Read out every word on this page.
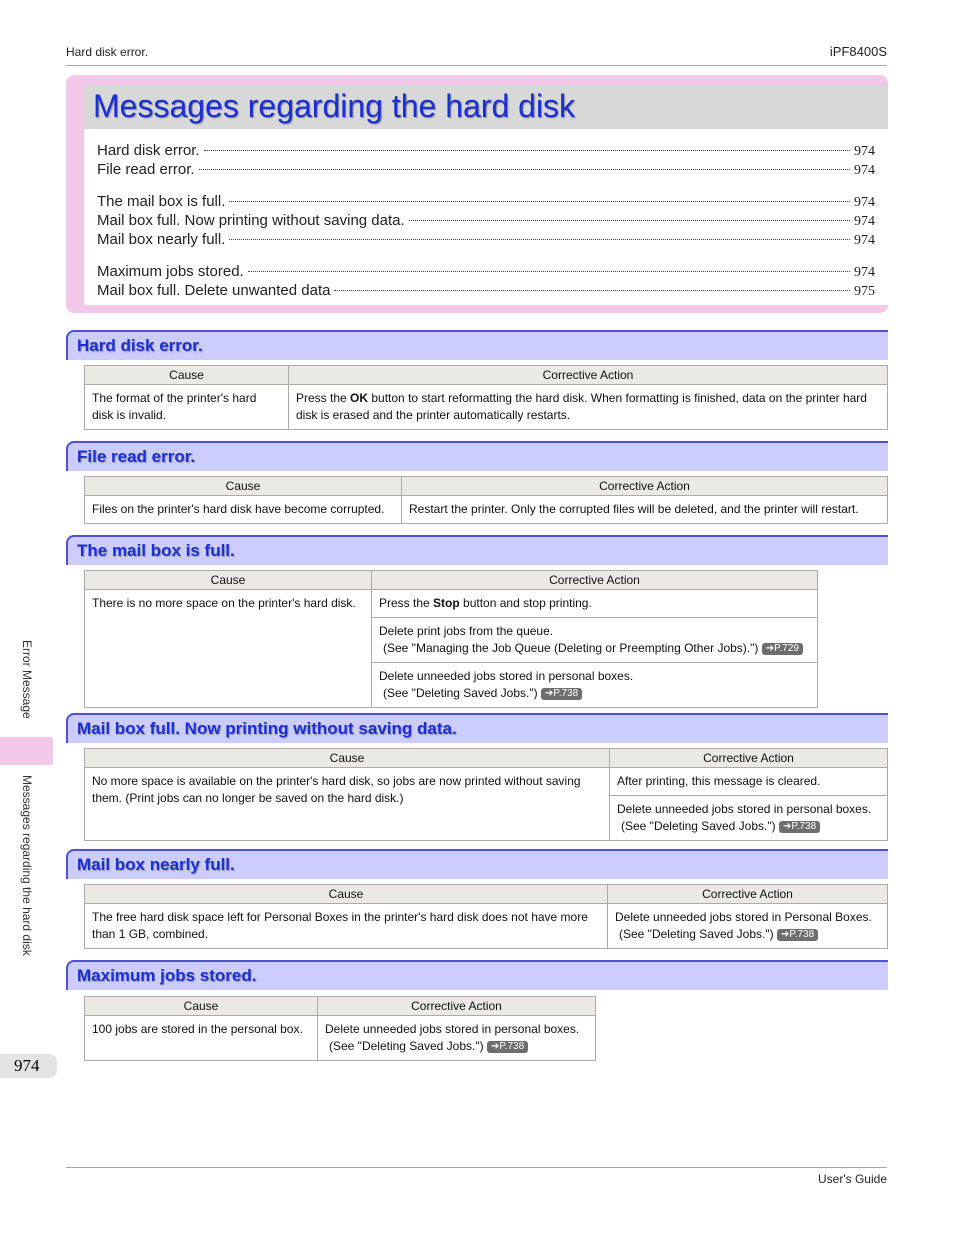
Hard disk error.	iPF8400S
Messages regarding the hard disk
Hard disk error.	974
File read error.	974
The mail box is full.	974
Mail box full. Now printing without saving data.	974
Mail box nearly full.	974
Maximum jobs stored.	974
Mail box full. Delete unwanted data	975
Hard disk error.
Cause	Corrective Action
The format of the printer's hard disk is invalid.	Press the OK button to start reformatting the hard disk. When formatting is finished, data on the printer hard disk is erased and the printer automatically restarts.
File read error.
Cause	Corrective Action
Files on the printer's hard disk have become corrupted.	Restart the printer. Only the corrupted files will be deleted, and the printer will restart.
The mail box is full.
Cause	Corrective Action
There is no more space on the printer's hard disk.	Press the Stop button and stop printing.

	Delete print jobs from the queue.
(See "Managing the Job Queue (Deleting or Preempting Other Jobs).") ➔P.729

	Delete unneeded jobs stored in personal boxes.
(See "Deleting Saved Jobs.") ➔P.738
Mail box full. Now printing without saving data.
Cause	Corrective Action
No more space is available on the printer's hard disk, so jobs are now printed without saving them. (Print jobs can no longer be saved on the hard disk.)	After printing, this message is cleared.

	Delete unneeded jobs stored in personal boxes.
(See "Deleting Saved Jobs.") ➔P.738
Mail box nearly full.
Cause	Corrective Action
The free hard disk space left for Personal Boxes in the printer's hard disk does not have more than 1 GB, combined.	Delete unneeded jobs stored in Personal Boxes.
(See "Deleting Saved Jobs.") ➔P.738
Maximum jobs stored.
Cause	Corrective Action
100 jobs are stored in the personal box.	Delete unneeded jobs stored in personal boxes.
(See "Deleting Saved Jobs.") ➔P.738
Error Message
Messages regarding the hard disk
974
User's Guide
